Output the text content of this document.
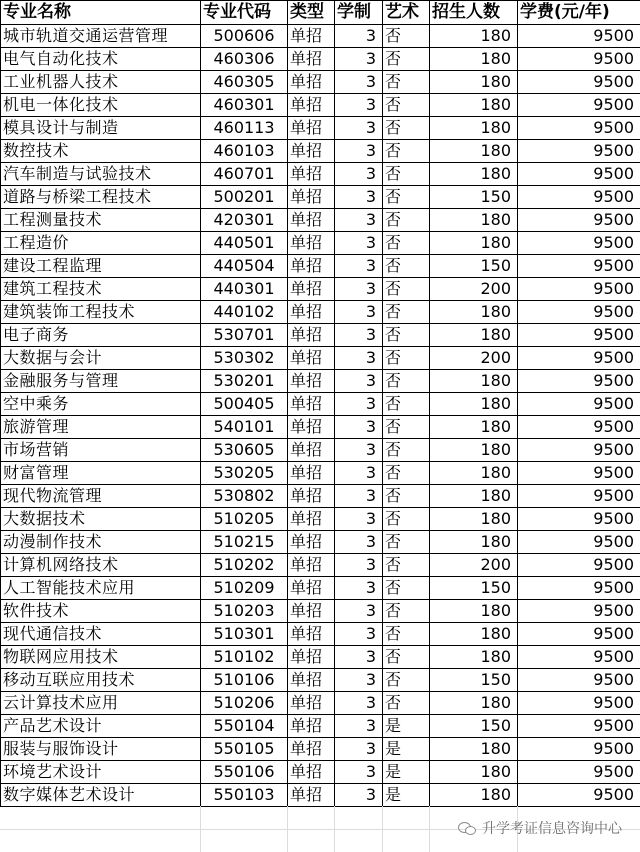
专业名称	专业代码	类型	学制	艺术	招生人数	学费(元/年)
城市轨道交通运营管理	500606	单招	3	否	180	9500
电气自动化技术	460306	单招	3	否	180	9500
工业机器人技术	460305	单招	3	否	180	9500
机电一体化技术	460301	单招	3	否	180	9500
模具设计与制造	460113	单招	3	否	180	9500
数控技术	460103	单招	3	否	180	9500
汽车制造与试验技术	460701	单招	3	否	180	9500
道路与桥梁工程技术	500201	单招	3	否	150	9500
工程测量技术	420301	单招	3	否	180	9500
工程造价	440501	单招	3	否	180	9500
建设工程监理	440504	单招	3	否	150	9500
建筑工程技术	440301	单招	3	否	200	9500
建筑装饰工程技术	440102	单招	3	否	180	9500
电子商务	530701	单招	3	否	180	9500
大数据与会计	530302	单招	3	否	200	9500
金融服务与管理	530201	单招	3	否	180	9500
空中乘务	500405	单招	3	否	180	9500
旅游管理	540101	单招	3	否	180	9500
市场营销	530605	单招	3	否	180	9500
财富管理	530205	单招	3	否	180	9500
现代物流管理	530802	单招	3	否	180	9500
大数据技术	510205	单招	3	否	180	9500
动漫制作技术	510215	单招	3	否	180	9500
计算机网络技术	510202	单招	3	否	200	9500
人工智能技术应用	510209	单招	3	否	150	9500
软件技术	510203	单招	3	否	180	9500
现代通信技术	510301	单招	3	否	180	9500
物联网应用技术	510102	单招	3	否	180	9500
移动互联应用技术	510106	单招	3	否	150	9500
云计算技术应用	510206	单招	3	否	180	9500
产品艺术设计	550104	单招	3	是	150	9500
服装与服饰设计	550105	单招	3	是	180	9500
环境艺术设计	550106	单招	3	是	180	9500
数字媒体艺术设计	550103	单招	3	是	180	9500
升学考证信息咨询中心
